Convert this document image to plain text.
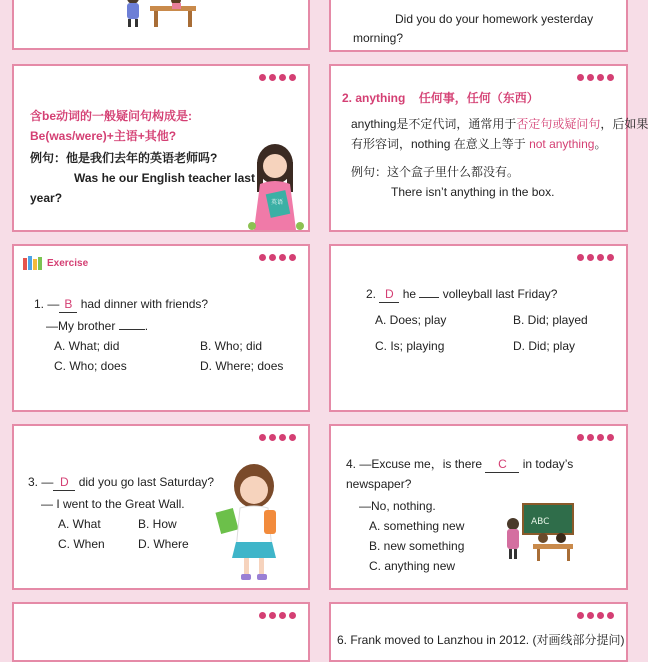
Did you do your homework yesterday
morning?
含be动词的一般疑问句构成是:
Be(was/were)+主语+其他?
例句：他是我们去年的英语老师吗?
Was he our English teacher last
year?	英语
2. anything 任何事，任何（东西）
anything是不定代词，通常用于否定句或疑问句，后如果
有形容词，nothing 在意义上等于 not anything。
例句：这个盒子里什么都没有。
There isn’t anything in the box.
Exercise
1. — B had dinner with friends?
—My brother .
A. What; did	B. Who; did
C. Who; does	D. Where; does
2. D he volleyball last Friday?
A. Does; play	B. Did; played
C. Is; playing	D. Did; play
3. — D did you go last Saturday?
— I went to the Great Wall.
A. What	B. How
C. When	D. Where
4. —Excuse me，is there C in today’s
newspaper?
—No, nothing.
A. something new
B. new something
C. anything new
ABC
6. Frank moved to Lanzhou in 2012. (对画线部分提问)
